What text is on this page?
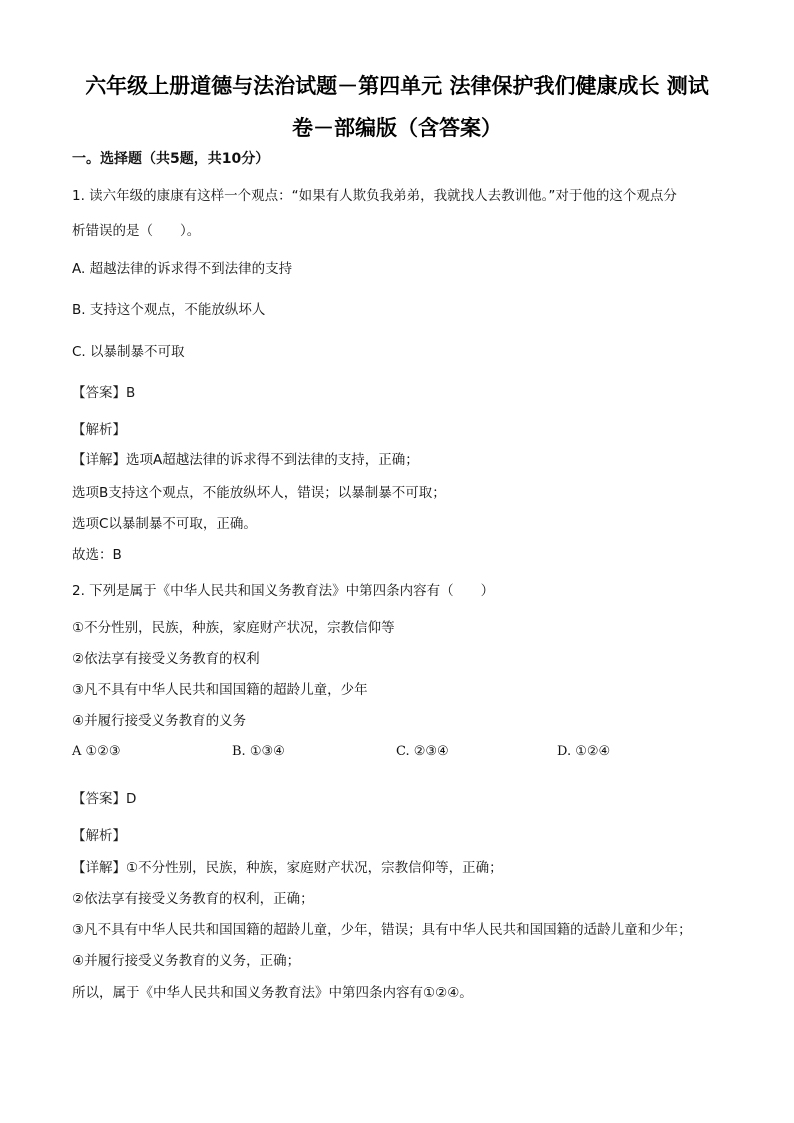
六年级上册道德与法治试题－第四单元 法律保护我们健康成长 测试
卷－部编版（含答案）
一。选择题（共5题，共10分）
1. 读六年级的康康有这样一个观点：“如果有人欺负我弟弟，我就找人去教训他。”对于他的这个观点分
析错误的是（　　）。
A. 超越法律的诉求得不到法律的支持
B. 支持这个观点，不能放纵坏人
C. 以暴制暴不可取
【答案】B
【解析】
【详解】选项A超越法律的诉求得不到法律的支持，正确；
选项B支持这个观点，不能放纵坏人，错误；以暴制暴不可取；
选项C以暴制暴不可取，正确。
故选：B
2. 下列是属于《中华人民共和国义务教育法》中第四条内容有（　　）
①不分性别，民族，种族，家庭财产状况，宗教信仰等
②依法享有接受义务教育的权利
③凡不具有中华人民共和国国籍的超龄儿童，少年
④并履行接受义务教育的义务
A ①②③	B. ①③④	C. ②③④	D. ①②④
【答案】D
【解析】
【详解】①不分性别，民族，种族，家庭财产状况，宗教信仰等，正确；
②依法享有接受义务教育的权利，正确；
③凡不具有中华人民共和国国籍的超龄儿童，少年，错误；具有中华人民共和国国籍的适龄儿童和少年；
④并履行接受义务教育的义务，正确；
所以，属于《中华人民共和国义务教育法》中第四条内容有①②④。
